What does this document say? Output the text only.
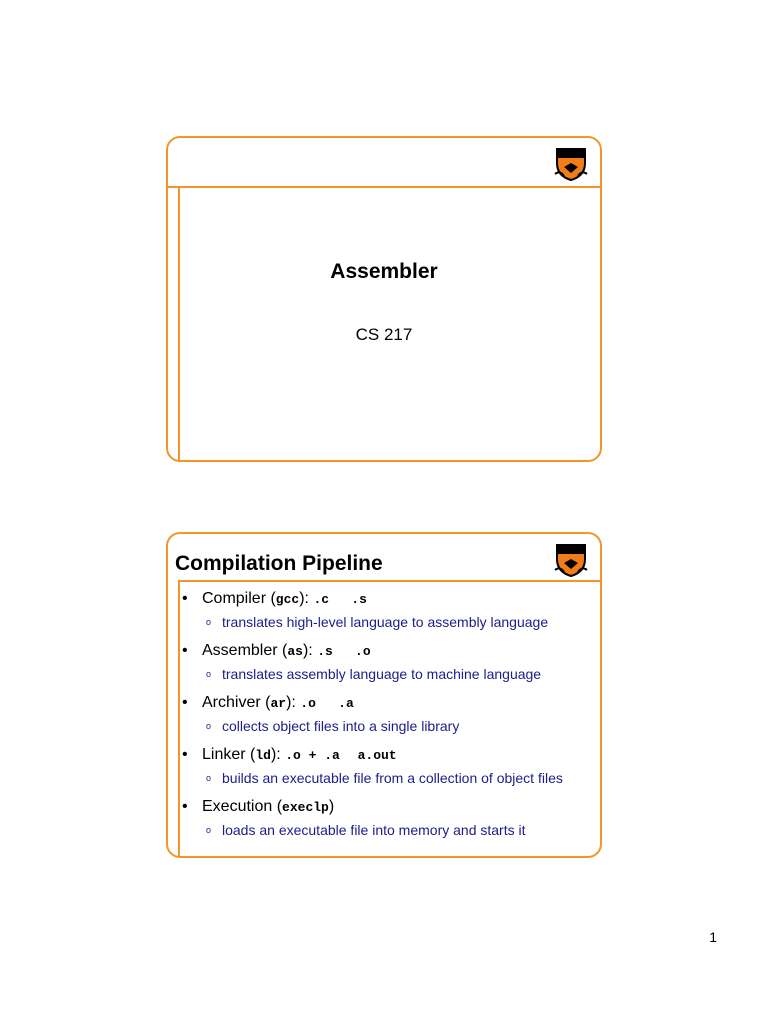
Assembler
CS 217
Compilation Pipeline
• Compiler (gcc): .c .s
o translates high-level language to assembly language
• Assembler (as): .s .o
o translates assembly language to machine language
• Archiver (ar): .o .a
o collects object files into a single library
• Linker (ld): .o + .a a.out
o builds an executable file from a collection of object files
• Execution (execlp)
o loads an executable file into memory and starts it
1
